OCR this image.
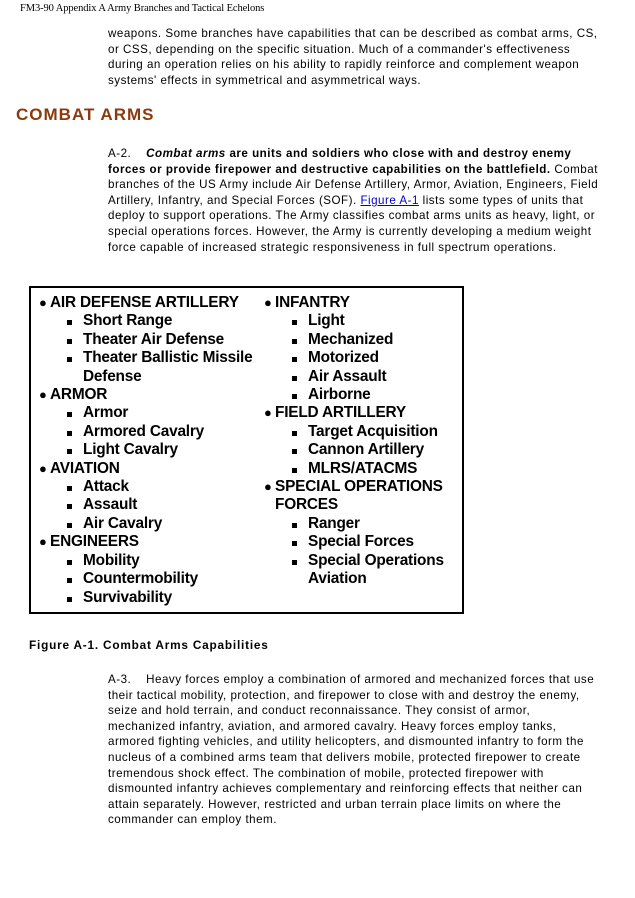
FM3-90 Appendix A Army Branches and Tactical Echelons
weapons. Some branches have capabilities that can be described as combat arms, CS, or CSS, depending on the specific situation. Much of a commander's effectiveness during an operation relies on his ability to rapidly reinforce and complement weapon systems' effects in symmetrical and asymmetrical ways.
COMBAT ARMS
A-2. Combat arms are units and soldiers who close with and destroy enemy forces or provide firepower and destructive capabilities on the battlefield. Combat branches of the US Army include Air Defense Artillery, Armor, Aviation, Engineers, Field Artillery, Infantry, and Special Forces (SOF). Figure A-1 lists some types of units that deploy to support operations. The Army classifies combat arms units as heavy, light, or special operations forces. However, the Army is currently developing a medium weight force capable of increased strategic responsiveness in full spectrum operations.
● AIR DEFENSE ARTILLERY
Short Range
Theater Air Defense
Theater Ballistic Missile Defense
● ARMOR
Armor
Armored Cavalry
Light Cavalry
● AVIATION
Attack
Assault
Air Cavalry
● ENGINEERS
Mobility
Countermobility
Survivability
● INFANTRY
Light
Mechanized
Motorized
Air Assault
Airborne
● FIELD ARTILLERY
Target Acquisition
Cannon Artillery
MLRS/ATACMS
● SPECIAL OPERATIONS FORCES
Ranger
Special Forces
Special Operations Aviation
Figure A-1. Combat Arms Capabilities
A-3. Heavy forces employ a combination of armored and mechanized forces that use their tactical mobility, protection, and firepower to close with and destroy the enemy, seize and hold terrain, and conduct reconnaissance. They consist of armor, mechanized infantry, aviation, and armored cavalry. Heavy forces employ tanks, armored fighting vehicles, and utility helicopters, and dismounted infantry to form the nucleus of a combined arms team that delivers mobile, protected firepower to create tremendous shock effect. The combination of mobile, protected firepower with dismounted infantry achieves complementary and reinforcing effects that neither can attain separately. However, restricted and urban terrain place limits on where the commander can employ them.
